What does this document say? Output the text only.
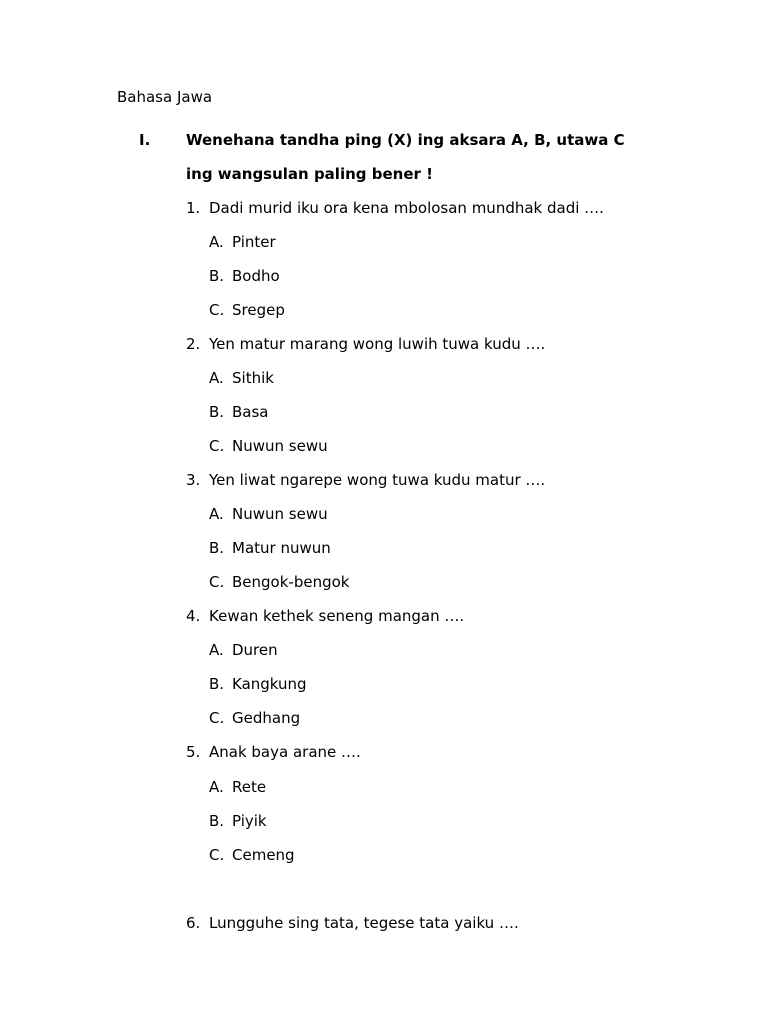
Bahasa Jawa
I. Wenehana tandha ping (X) ing aksara A, B, utawa C
ing wangsulan paling bener !
1. Dadi murid iku ora kena mbolosan mundhak dadi ….
A. Pinter
B. Bodho
C. Sregep
2. Yen matur marang wong luwih tuwa kudu ….
A. Sithik
B. Basa
C. Nuwun sewu
3. Yen liwat ngarepe wong tuwa kudu matur ….
A. Nuwun sewu
B. Matur nuwun
C. Bengok-bengok
4. Kewan kethek seneng mangan ….
A. Duren
B. Kangkung
C. Gedhang
5. Anak baya arane ….
A. Rete
B. Piyik
C. Cemeng
6. Lungguhe sing tata, tegese tata yaiku ….
